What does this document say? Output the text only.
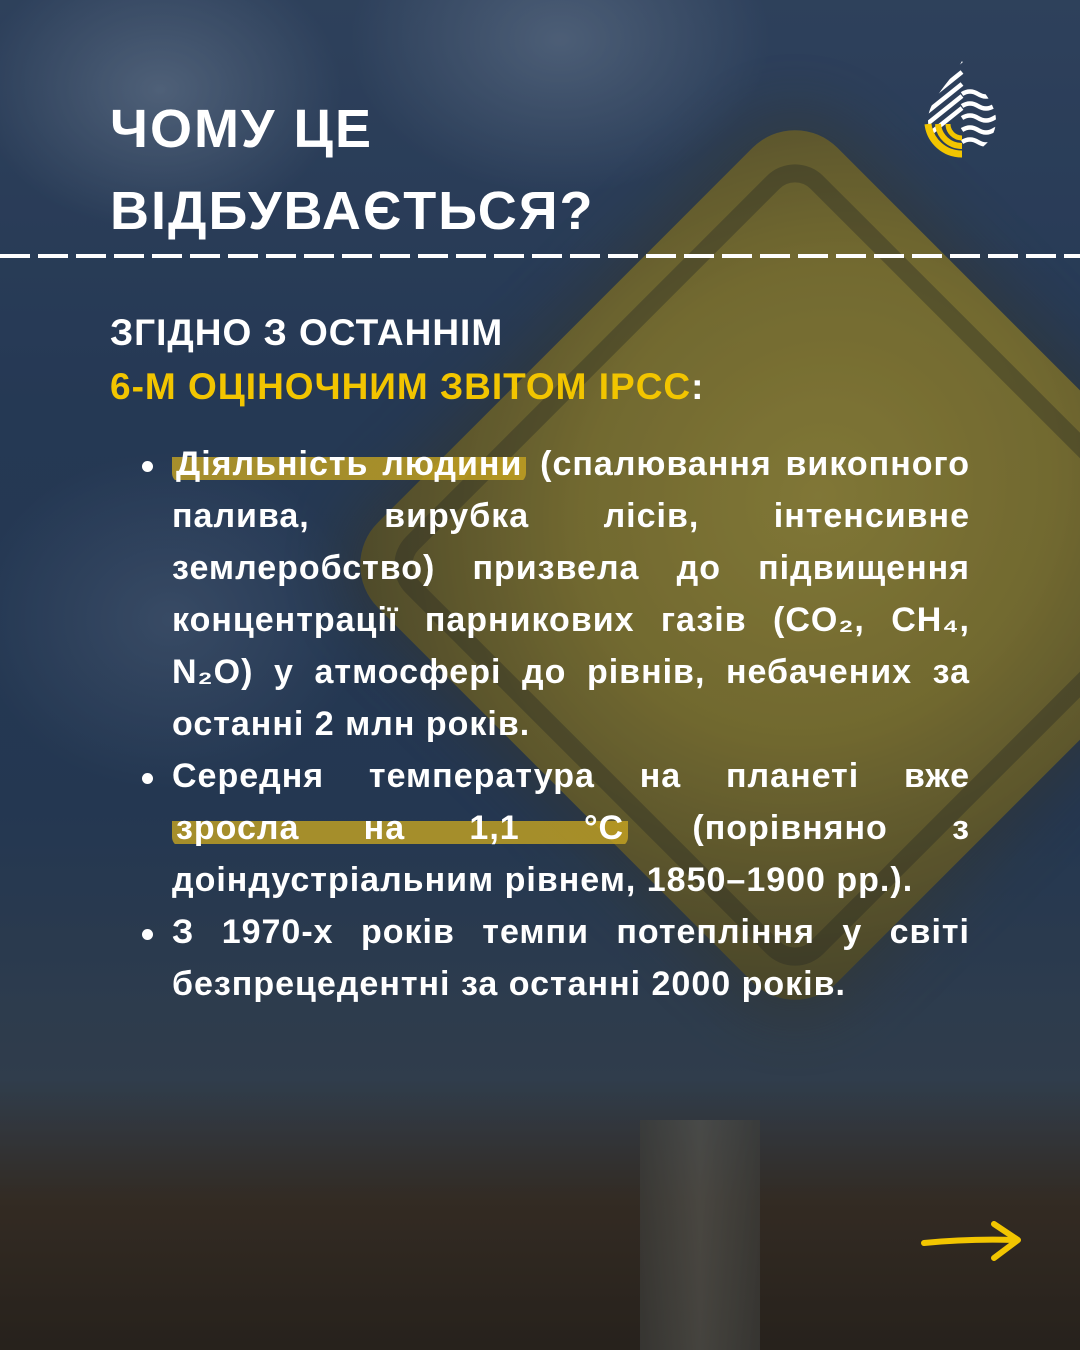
ЧОМУ ЦЕ
ВІДБУВАЄТЬСЯ?

ЗГІДНО З ОСТАННІМ
6-М ОЦІНОЧНИМ ЗВІТОМ IPCC:

Діяльність людини (спалювання викопного палива, вирубка лісів, інтенсивне землеробство) призвела до підвищення концентрації парникових газів (CO₂, CH₄, N₂O) у атмосфері до рівнів, небачених за останні 2 млн років.
Середня температура на планеті вже зросла на 1,1 °C (порівняно з доіндустріальним рівнем, 1850–1900 рр.).
З 1970-х років темпи потепління у світі безпрецедентні за останні 2000 років.
